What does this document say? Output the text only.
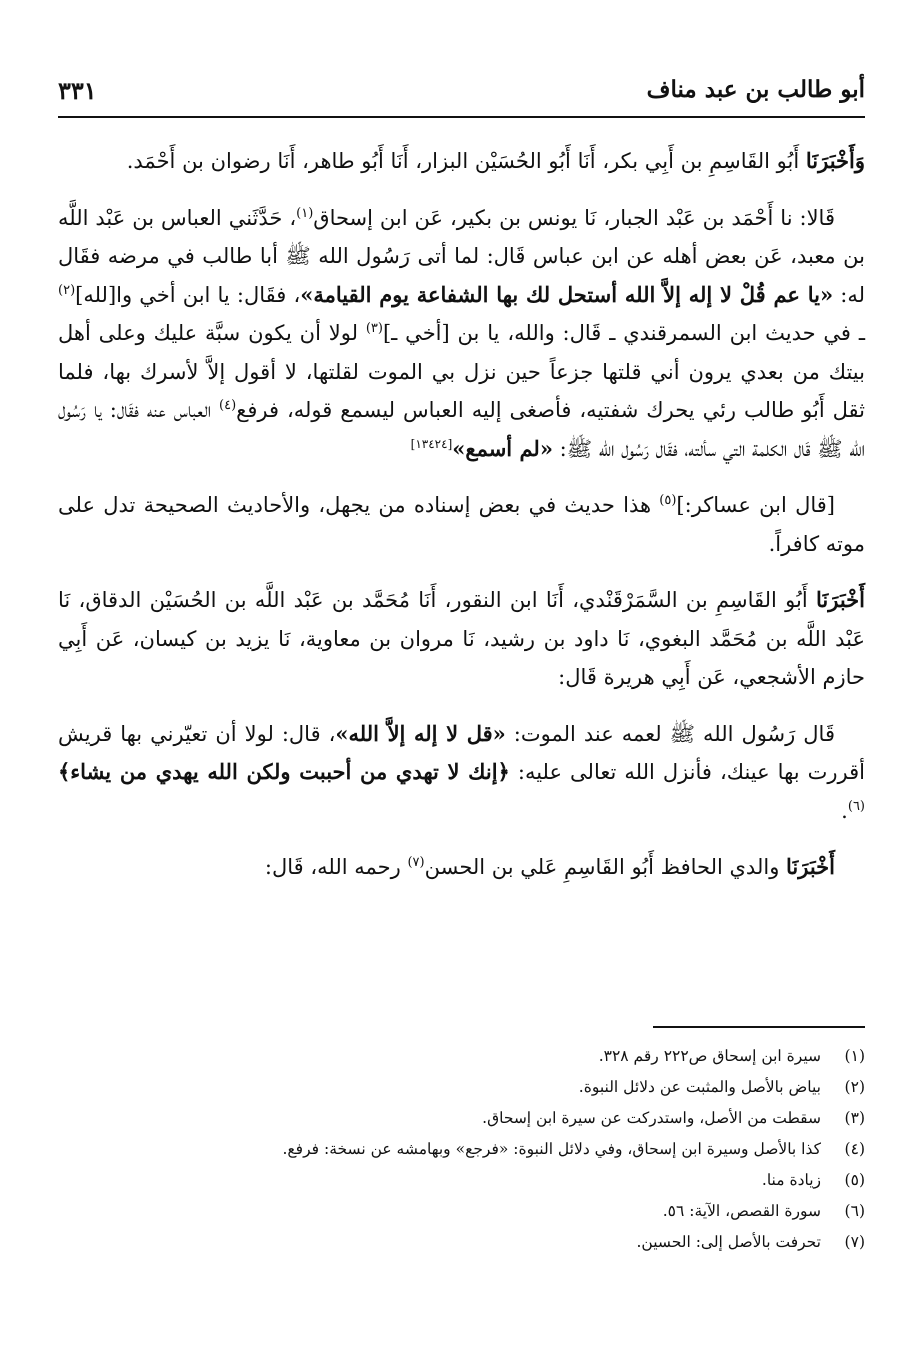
أبو طالب بن عبد مناف
٣٣١

وَأَخْبَرَنَا أَبُو القَاسِمِ بن أَبِي بكر، أَنَا أَبُو الحُسَيْن البزار، أَنَا أَبُو طاهر، أَنَا رضوان بن أَحْمَد.

قَالا: نا أَحْمَد بن عَبْد الجبار، نَا يونس بن بكير، عَن ابن إسحاق$^{(١)}$، حَدَّثَني العباس بن عَبْد اللَّه بن معبد، عَن بعض أهله عن ابن عباس قَال: لما أتى رَسُول الله ﷺ أبا طالب في مرضه فقَال له: «يا عم قُلْ لا إله إلاَّ الله أستحل لك بها الشفاعة يوم القيامة»، فقَال: يا ابن أخي وا[لله]$^{(٢)}$ ـ في حديث ابن السمرقندي ـ قَال: والله، يا بن [أخي ـ]$^{(٣)}$ لولا أن يكون سبَّة عليك وعلى أهل بيتك من بعدي يرون أني قلتها جزعاً حين نزل بي الموت لقلتها، لا أقول إلاَّ لأسرك بها، فلما ثقل أَبُو طالب رئي يحرك شفتيه، فأصغى إليه العباس ليسمع قوله، فرفع$^{(٤)}$ العباس عنه فقَال: يا رَسُول الله ﷺ قَال الكلمة التي سألته، فقَال رَسُول الله ﷺ: «لم أسمع»[١٣٤٢٤]

[قال ابن عساكر:]$^{(٥)}$ هذا حديث في بعض إسناده من يجهل، والأحاديث الصحيحة تدل على موته كافراً.

أَخْبَرَنَا أَبُو القَاسِمِ بن السَّمَرْقَنْدي، أَنَا ابن النقور، أَنَا مُحَمَّد بن عَبْد اللَّه بن الحُسَيْن الدقاق، نَا عَبْد اللَّه بن مُحَمَّد البغوي، نَا داود بن رشيد، نَا مروان بن معاوية، نَا يزيد بن كيسان، عَن أَبِي حازم الأشجعي، عَن أَبِي هريرة قَال:

قَال رَسُول الله ﷺ لعمه عند الموت: «قل لا إله إلاَّ الله»، قال: لولا أن تعيّرني بها قريش أقررت بها عينك، فأنزل الله تعالى عليه: ﴿إنك لا تهدي من أحببت ولكن الله يهدي من يشاء﴾$^{(٦)}$.

أَخْبَرَنَا والدي الحافظ أَبُو القَاسِمِ عَلي بن الحسن$^{(٧)}$ رحمه الله، قَال:

(١)
سيرة ابن إسحاق ص٢٢٢ رقم ٣٢٨.
(٢)
بياض بالأصل والمثبت عن دلائل النبوة.
(٣)
سقطت من الأصل، واستدركت عن سيرة ابن إسحاق.
(٤)
كذا بالأصل وسيرة ابن إسحاق، وفي دلائل النبوة: «فرجع» وبهامشه عن نسخة: فرفع.
(٥)
زيادة منا.
(٦)
سورة القصص، الآية: ٥٦.
(٧)
تحرفت بالأصل إلى: الحسين.
